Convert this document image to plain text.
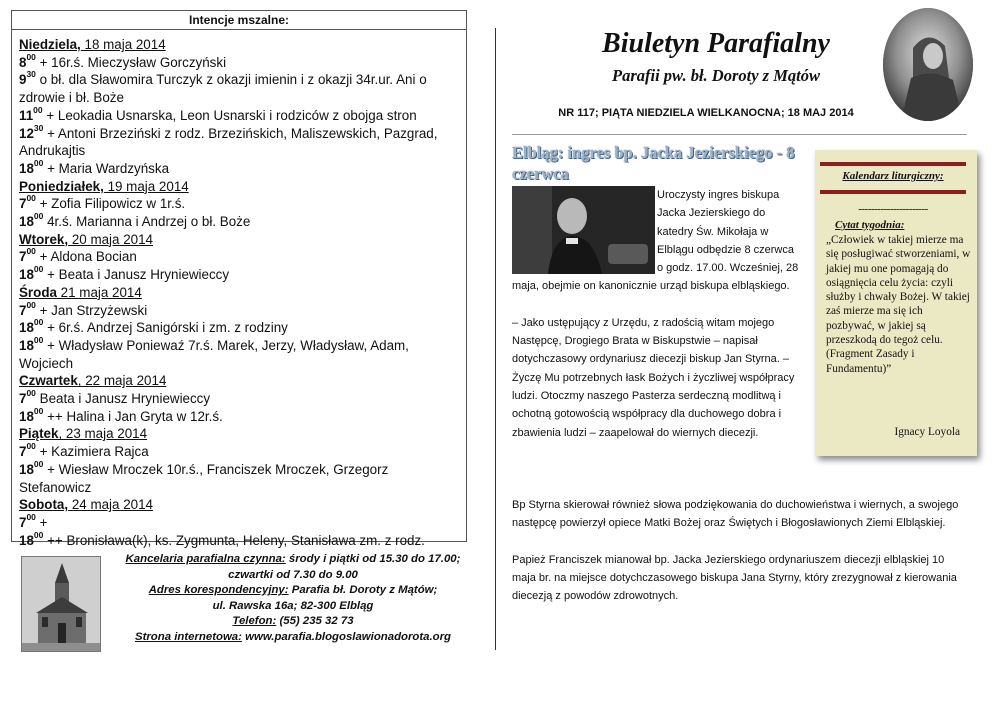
Intencje mszalne:
Niedziela, 18 maja 2014
$8^{00}$ + 16r.ś. Mieczysław Gorczyński
$9^{30}$ o bł. dla Sławomira Turczyk z okazji imienin i z okazji 34r.ur. Ani o zdrowie i bł. Boże
$11^{00}$ + Leokadia Usnarska, Leon Usnarski i rodziców z obojga stron
$12^{30}$ + Antoni Brzeziński z rodz. Brzezińskich, Maliszewskich, Pazgrad, Andrukajtis
$18^{00}$ + Maria Wardzyńska
Poniedziałek, 19 maja 2014
$7^{00}$ + Zofia Filipowicz w 1r.ś.
$18^{00}$ 4r.ś. Marianna i Andrzej o bł. Boże
Wtorek, 20 maja 2014
$7^{00}$ + Aldona Bocian
$18^{00}$ + Beata i Janusz Hryniewieccy
Środa 21 maja 2014
$7^{00}$ + Jan Strzyżewski
$18^{00}$ + 6r.ś. Andrzej Sanigórski i zm. z rodziny
$18^{00}$ + Władysław Poniewaź 7r.ś. Marek, Jerzy, Władysław, Adam, Wojciech
Czwartek, 22 maja 2014
$7^{00}$ Beata i Janusz Hryniewieccy
$18^{00}$ ++ Halina i Jan Gryta w 12r.ś.
Piątek, 23 maja 2014
$7^{00}$ + Kazimiera Rajca
$18^{00}$ + Wiesław Mroczek 10r.ś., Franciszek Mroczek, Grzegorz Stefanowicz
Sobota, 24 maja 2014
$7^{00}$ +
$18^{00}$ ++ Bronisława(k), ks. Zygmunta, Heleny, Stanisława zm. z rodz.
Kancelaria parafialna czynna: środy i piątki od 15.30 do 17.00;
czwartki od 7.30 do 9.00
Adres korespondencyjny: Parafia bł. Doroty z Mątów;
ul. Rawska 16a; 82-300 Elbląg
Telefon: (55) 235 32 73
Strona internetowa: www.parafia.blogoslawionadorota.org
Biuletyn Parafialny
Parafii pw. bł. Doroty z Mątów
NR 117; PIĄTA NIEDZIELA WIELKANOCNA; 18 MAJ 2014
Elbląg: ingres bp. Jacka Jezierskiego - 8 czerwca

Uroczysty ingres biskupa Jacka Jezierskiego do katedry Św. Mikołaja w Elblągu odbędzie 8 czerwca o godz. 17.00. Wcześniej, 28 maja, obejmie on kanonicznie urząd biskupa elbląskiego.

– Jako ustępujący z Urzędu, z radością witam mojego Następcę, Drogiego Brata w Biskupstwie – napisał dotychczasowy ordynariusz diecezji biskup Jan Styrna. – Życzę Mu potrzebnych łask Bożych i życzliwej współpracy ludzi. Otoczmy naszego Pasterza serdeczną modlitwą i ochotną gotowością współpracy dla duchowego dobra i zbawienia ludzi – zaapelował do wiernych diecezji.

Bp Styrna skierował również słowa podziękowania do duchowieństwa i wiernych, a swojego następcę powierzył opiece Matki Bożej oraz Świętych i Błogosławionych Ziemi Elbląskiej.

Papież Franciszek mianował bp. Jacka Jezierskiego ordynariuszem diecezji elbląskiej 10 maja br. na miejsce dotychczasowego biskupa Jana Styrny, który zrezygnował z kierowania diecezją z powodów zdrowotnych.

Kalendarz liturgiczny:
----------------------
Cytat tygodnia:
„Człowiek w takiej mierze ma się posługiwać stworzeniami, w jakiej mu one pomagają do osiągnięcia celu życia: czyli służby i chwały Bożej. W takiej zaś mierze ma się ich pozbywać, w jakiej są przeszkodą do tegoż celu. (Fragment Zasady i Fundamentu)”
Ignacy Loyola
